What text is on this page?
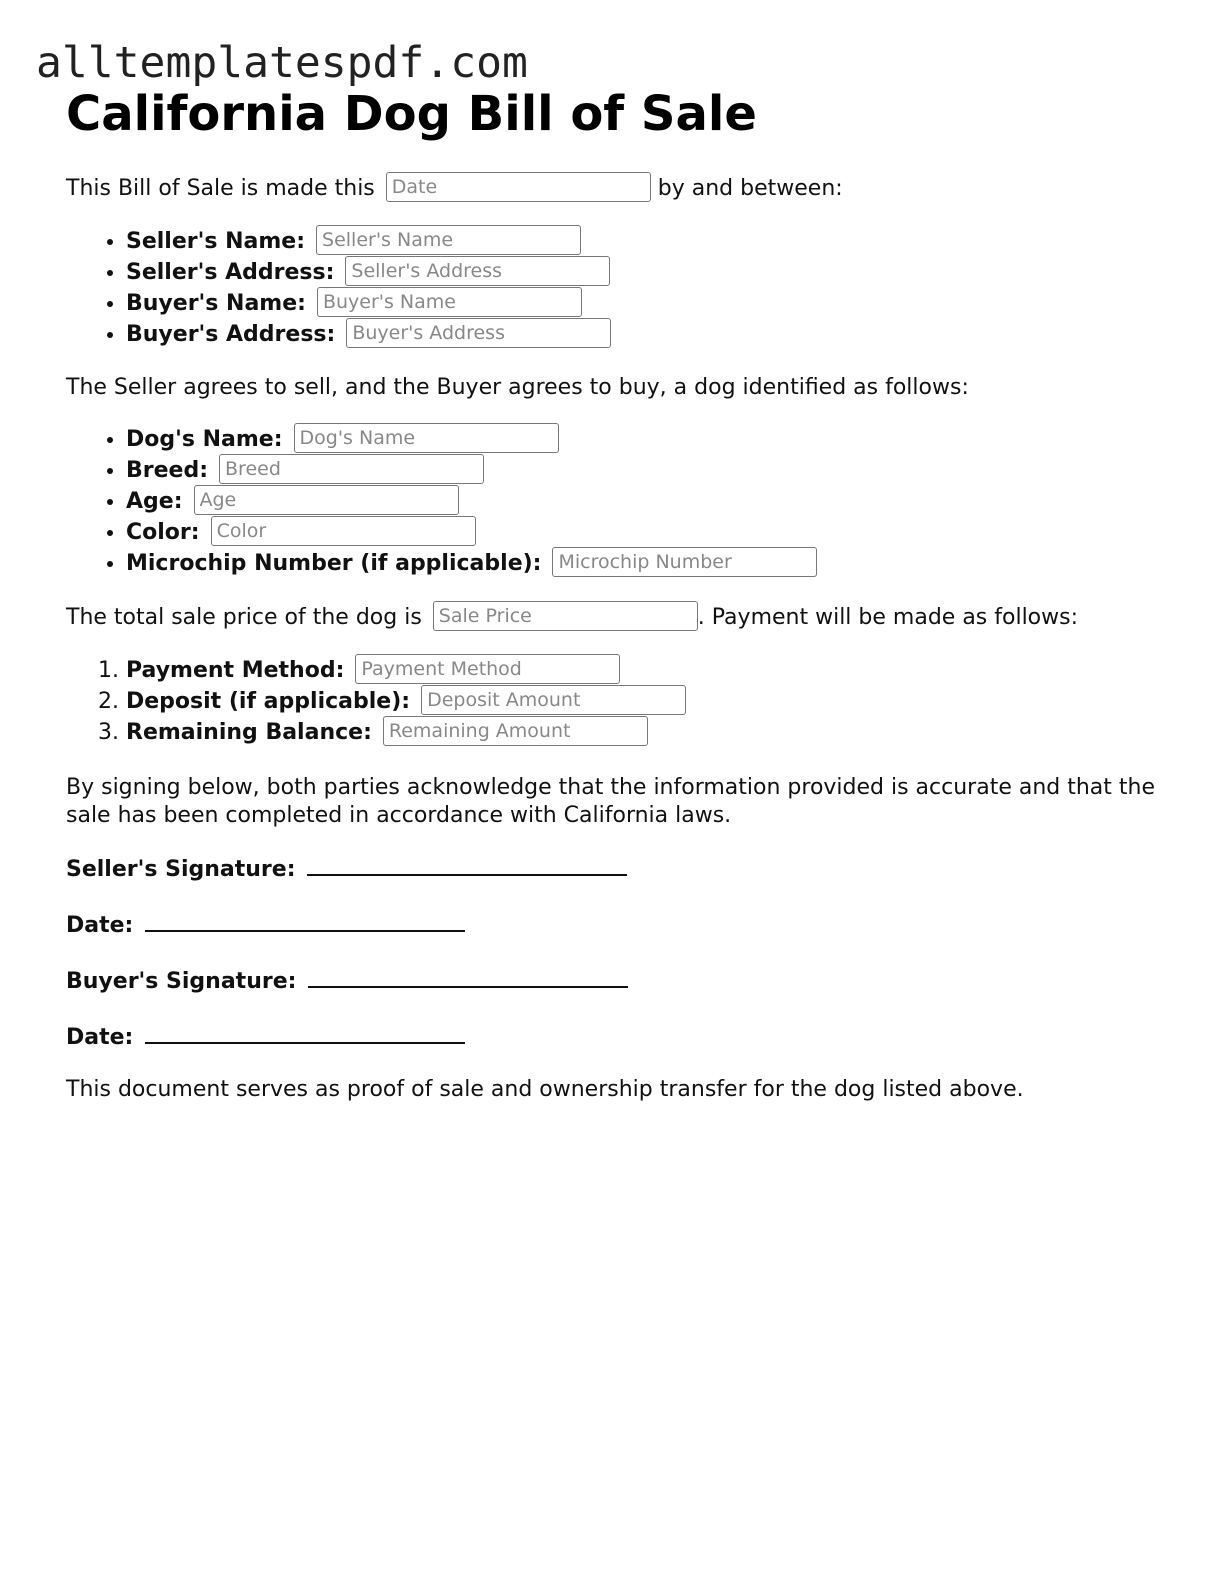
alltemplatespdf.com
California Dog Bill of Sale

This Bill of Sale is made this Date	by and between:

• Seller's Name: Seller's Name
• Seller's Address: Seller's Address
• Buyer's Name: Buyer's Name
• Buyer's Address: Buyer's Address

The Seller agrees to sell, and the Buyer agrees to buy, a dog identified as follows:

• Dog's Name: Dog's Name
• Breed: Breed
• Age: Age
• Color: Color
• Microchip Number (if applicable): Microchip Number

The total sale price of the dog is Sale Price	. Payment will be made as follows:

1. Payment Method: Payment Method
2. Deposit (if applicable): Deposit Amount
3. Remaining Balance: Remaining Amount

By signing below, both parties acknowledge that the information provided is accurate and that the sale has been completed in accordance with California laws.

Seller's Signature:
Date:
Buyer's Signature:
Date:

This document serves as proof of sale and ownership transfer for the dog listed above.
